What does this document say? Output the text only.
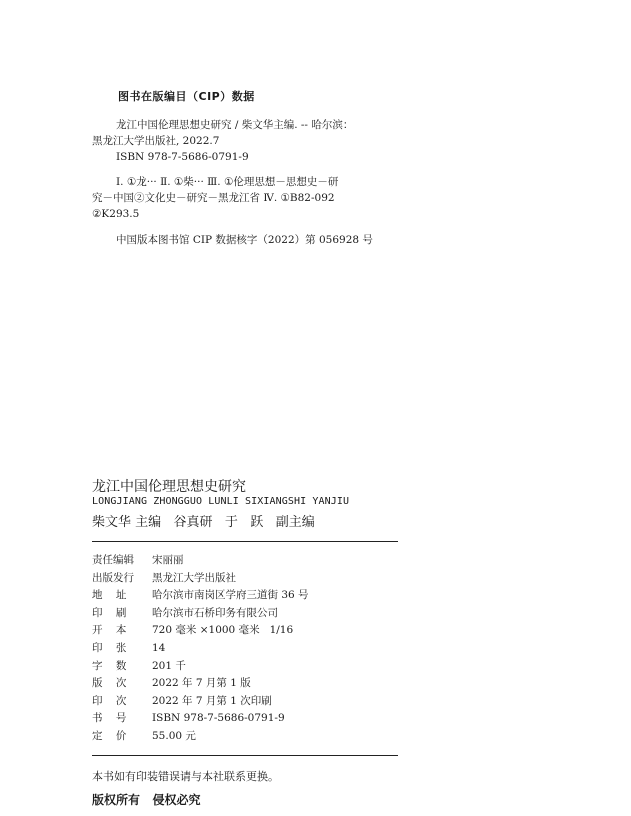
图书在版编目（CIP）数据

龙江中国伦理思想史研究 / 柴文华主编. -- 哈尔滨：
黑龙江大学出版社, 2022.7
ISBN 978-7-5686-0791-9

Ⅰ. ①龙··· Ⅱ. ①柴··· Ⅲ. ①伦理思想－思想史－研
究－中国②文化史－研究－黑龙江省 Ⅳ. ①B82-092
②K293.5

中国版本图书馆 CIP 数据核字（2022）第 056928 号

龙江中国伦理思想史研究
LONGJIANG ZHONGGUO LUNLI SIXIANGSHI YANJIU
柴文华 主编   谷真研   于   跃   副主编
责任编辑	宋丽丽
出版发行	黑龙江大学出版社
地    址	哈尔滨市南岗区学府三道街 36 号
印    刷	哈尔滨市石桥印务有限公司
开    本	720 毫米 ×1000 毫米   1/16
印    张	14
字    数	201 千
版    次	2022 年 7 月第 1 版
印    次	2022 年 7 月第 1 次印刷
书    号	ISBN 978-7-5686-0791-9
定    价	55.00 元
本书如有印装错误请与本社联系更换。
版权所有   侵权必究
